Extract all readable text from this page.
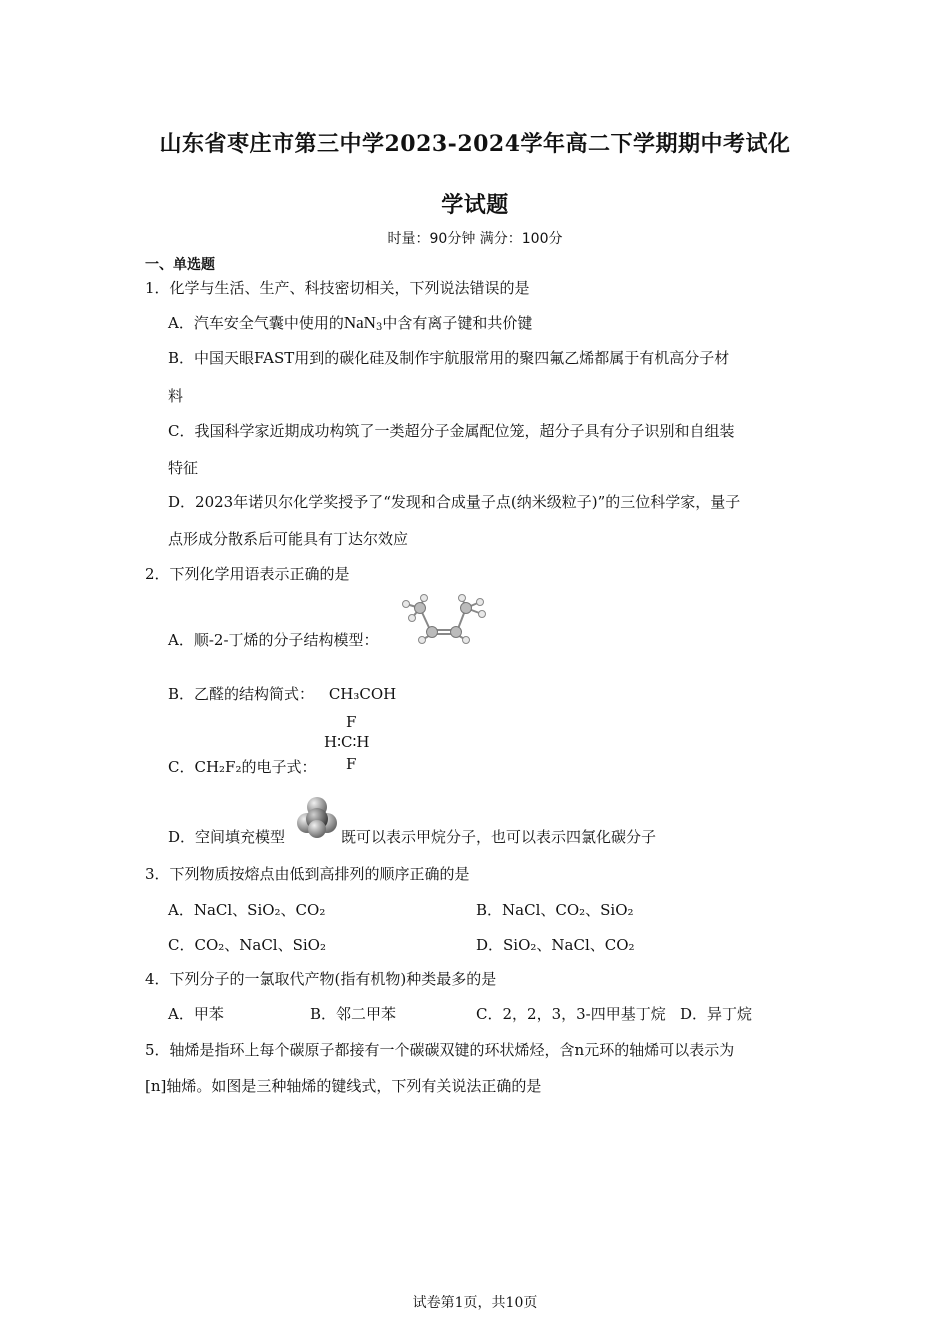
山东省枣庄市第三中学2023-2024学年高二下学期期中考试化
学试题
时量：90分钟 满分：100分
一、单选题
1．化学与生活、生产、科技密切相关，下列说法错误的是
A．汽车安全气囊中使用的NaN$_3$中含有离子键和共价键
B．中国天眼FAST用到的碳化硅及制作宇航服常用的聚四氟乙烯都属于有机高分子材
料
C．我国科学家近期成功构筑了一类超分子金属配位笼，超分子具有分子识别和自组装
特征
D．2023年诺贝尔化学奖授予了“发现和合成量子点(纳米级粒子)”的三位科学家，量子
点形成分散系后可能具有丁达尔效应
2．下列化学用语表示正确的是
A．顺-2-丁烯的分子结构模型：
B．乙醛的结构简式： CH₃COH
C．CH₂F₂的电子式：
F
H∶C∶H
F
D．空间填充模型	既可以表示甲烷分子，也可以表示四氯化碳分子
3．下列物质按熔点由低到高排列的顺序正确的是
A．NaCl、SiO₂、CO₂	B．NaCl、CO₂、SiO₂
C．CO₂、NaCl、SiO₂	D．SiO₂、NaCl、CO₂
4．下列分子的一氯取代产物(指有机物)种类最多的是
A．甲苯	B．邻二甲苯	C．2，2，3，3-四甲基丁烷 D．异丁烷
5．轴烯是指环上每个碳原子都接有一个碳碳双键的环状烯烃，含n元环的轴烯可以表示为
[n]轴烯。如图是三种轴烯的键线式，下列有关说法正确的是
试卷第1页，共10页
